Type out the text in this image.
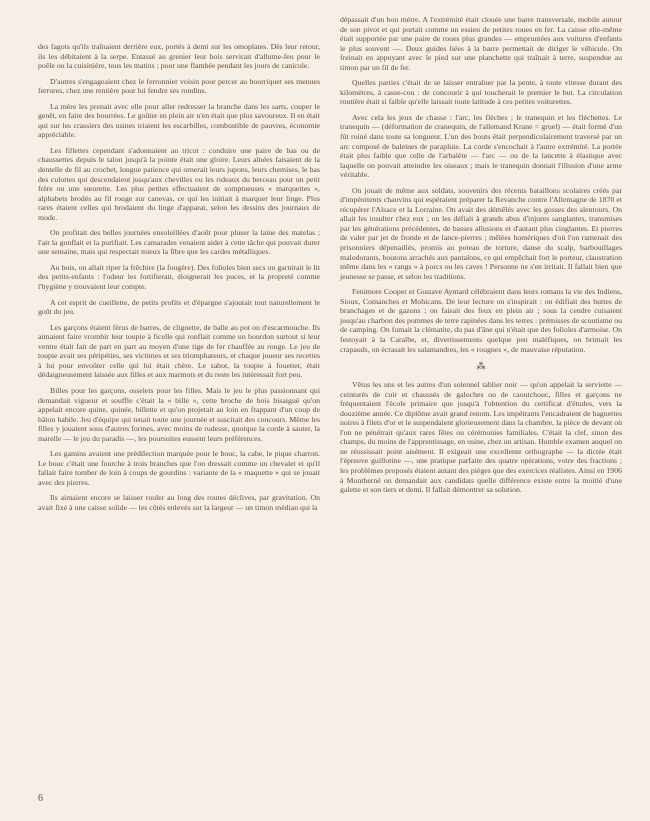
des fagots qu'ils traînaient derrière eux, portés à demi sur les omoplates. Dès leur retour, ils les débitaient à la serpe. Entassé au grenier leur bois servirait d'allume-feu pour le poêle ou la cuisinière, tous les matins ; pour une flambée pendant les jours de canicule.

D'autres s'engageaient chez le ferronnier voisin pour percer au bourriquet ses menues ferrures, chez une rentière pour lui fendre ses rondins.

La mère les prenait avec elle pour aller redresser la branche dans les sarts, couper le genêt, en faire des bourrées. Le goûter en plein air n'en était que plus savoureux. Il en était qui sur les crassiers des usines triaient les escarbilles, combustible de pauvres, économie appréciable.

Les fillettes cependant s'adonnaient au tricot : conduire une paire de bas ou de chaussettes depuis le talon jusqu'à la pointe était une gloire. Leurs aînées faisaient de la dentelle de fil au crochet, longue patience qui ornerait leurs jupons, leurs chemises, le bas des culottes qui descendaient jusqu'aux chevilles ou les rideaux du berceau pour un petit frère ou une sœurette. Les plus petites effectuaient de somptueuses « marquettes », alphabets brodés au fil rouge sur canevas, ce qui les initiait à marquer leur linge. Plus rares étaient celles qui brodaient du linge d'apparat, selon les dessins des journaux de mode.

On profitait des belles journées ensoleillées d'août pour pluser la laine des matelas ; l'air la gonflait et la purifiait. Les camarades venaient aider à cette tâche qui pouvait durer une semaine, mais qui respectait mieux la fibre que les cardes métalliques.

Au bois, on allait riper la frêchire (la fougère). Des folioles bien secs on garnirait le lit des petits-enfants : l'odeur les fortifierait, éloignerait les puces, et la propreté comme l'hygiène y trouvaient leur compte.

A cet esprit de cueillette, de petits profits et d'épargne s'ajoutait tout naturellement le goût du jeu.

Les garçons étaient férus de barres, de clignette, de balle au pot ou d'escarmouche. Ils aimaient faire vrombir leur toupie à ficelle qui ronflait comme un bourdon surtout si leur ventre était fait de part en part au moyen d'une tige de fer chauffée au rouge. Le jeu de toupie avait ses péripéties, ses victimes et ses triomphateurs, et chaque joueur ses recettes à lui pour envoûter celle qui lui était chère. Le sabot, la toupie à fouetter, était dédaigneusement laissée aux filles et aux marmots et du reste les intéressait fort peu.

Billes pour les garçons, osselets pour les filles. Mais le jeu le plus passionnant qui demandait vigueur et souffle c'était la « bille », cette broche de bois bisaiguë qu'on appelait encore quine, quinée, billette et qu'on projetait au loin en frappant d'un coup de bâton habile. Jeu d'équipe qui tenait toute une journée et suscitait des concours. Même les filles y jouaient sous d'autres formes, avec moins de rudesse, quoique la corde à sauter, la marelle — le jeu du paradis —, les poursuites eussent leurs préférences.

Les gamins avaient une prédilection marquée pour le bouc, la cabe, le pique charron. Le bouc c'était une fourche à trois branches que l'on dressait comme un chevalet et qu'il fallait faire tomber de loin à coups de gourdins : variante de la « maquette » qui se jouait avec des pierres.

Ils aimaient encore se laisser rouler au long des routes déclives, par gravitation. On avait fixé à une caisse solide — les côtés enlevés sur la largeur — un timon médian qui la

dépassait d'un bon mètre. A l'extrémité était clouée une barre transversale, mobile autour de son pivot et qui portait comme un essieu de petites roues en fer. La caisse elle-même était supportée par une paire de roues plus grandes — empruntées aux voitures d'enfants le plus souvent —. Deux guides liées à la barre permettait de diriger le véhicule. On freinait en appuyant avec le pied sur une planchette qui traînait à terre, suspendue au timon par un fil de fer.

Quelles parties c'était de se laisser entraîner par la pente, à toute vitesse durant des kilomètres, à casse-cou : de concourir à qui toucherait le premier le but. La circulation routière était si faible qu'elle laissait toute latitude à ces petites voiturettes.

Avec cela les jeux de chasse : l'arc, les flèches ; le tranequin et les fléchettes. Le tranequin — (déformation de cranequin, de l'allemand Krane = gruel) — était formé d'un fût roiné dans toute sa longueur. L'un des bouts était perpendiculairement traversé par un arc composé de baleines de parapluie. La corde s'encochait à l'autre extrémité. La portée était plus faible que celle de l'arbalète — l'arc — ou de la lancette à élastique avec laquelle on pouvait atteindre les oiseaux ; mais le tranequin donnait l'illusion d'une arme véritable.

On jouait de même aux soldats, souvenirs des récents bataillons scolaires créés par d'impénitents chauvins qui espéraient préparer la Revanche contre l'Allemagne de 1870 et récupérer l'Alsace et la Lorraine. On avait des démêlés avec les gosses des alentours. On allait les insulter chez eux ; on les défiait à grands abus d'injures sanglantes, transmises par les générations précédentes, de basses allusions et d'autant plus cinglantes. Et pierres de valer par jet de fronde et de lance-pierres ; mêlées homériques d'où l'on ramenait des prisonniers dépenaillés, promis au poteau de torture, danse du scalp, barbouillages malodorants, boutons arrachés aux pantalons, ce qui empêchait fort le porteur, claustration même dans les « rangs » à porcs ou les caves ! Personne ne s'en irritait. Il fallait bien que jeunesse se passe, et selon les traditions.

Fenimore Cooper et Gustave Aymard célébraient dans leurs romans la vie des Indiens, Sioux, Comanches et Mohicans. De leur lecture on s'inspirait : on édifiait des huttes de branchages et de gazons ; on faisait des feux en plein air ; sous la cendre cuisaient jusqu'au charbon des pommes de terre rapinées dans les terres : prémisses de scoutisme ou de camping. On fumait la clématite, du pas d'âne qui n'était que des folioles d'armoise. On festoyait à la Caraïbe, et, divertissements quelque peu maléfiques, on brimait les crapauds, on écrasait les salamandres, les « rougnes », de mauvaise réputation.

⁂

Vêtus les uns et les autres d'un solennel tablier noir — qu'on appelait la serviette — ceinturés de cuir et chaussés de galoches ou de caoutchouc, filles et garçons ne fréquentaient l'école primaire que jusqu'à l'obtention du certificat d'études, vers la douzième année. Ce diplôme avait grand renom. Les impétrants l'encadraient de baguettes noires à filets d'or et le suspendaient glorieusement dans la chambre, la pièce de devant où l'on ne pénétrait qu'aux rares fêtes ou cérémonies familiales. C'était la clef, sinon des champs, du moins de l'apprentissage, en usine, chez un artisan. Humble examen auquel on ne réussissait point aisément. Il exigeait une excellente orthographe — la dictée était l'épreuve guillotine —, une pratique parfaite des quatre opérations, voire des fractions ; les problèmes proposés étaient autant des pièges que des exercices réalistes. Ainsi en 1906 à Montherné on demandait aux candidats quelle différence existe entre la moitié d'une galette et son tiers et demi. Il fallait démontrer sa solution.

6
